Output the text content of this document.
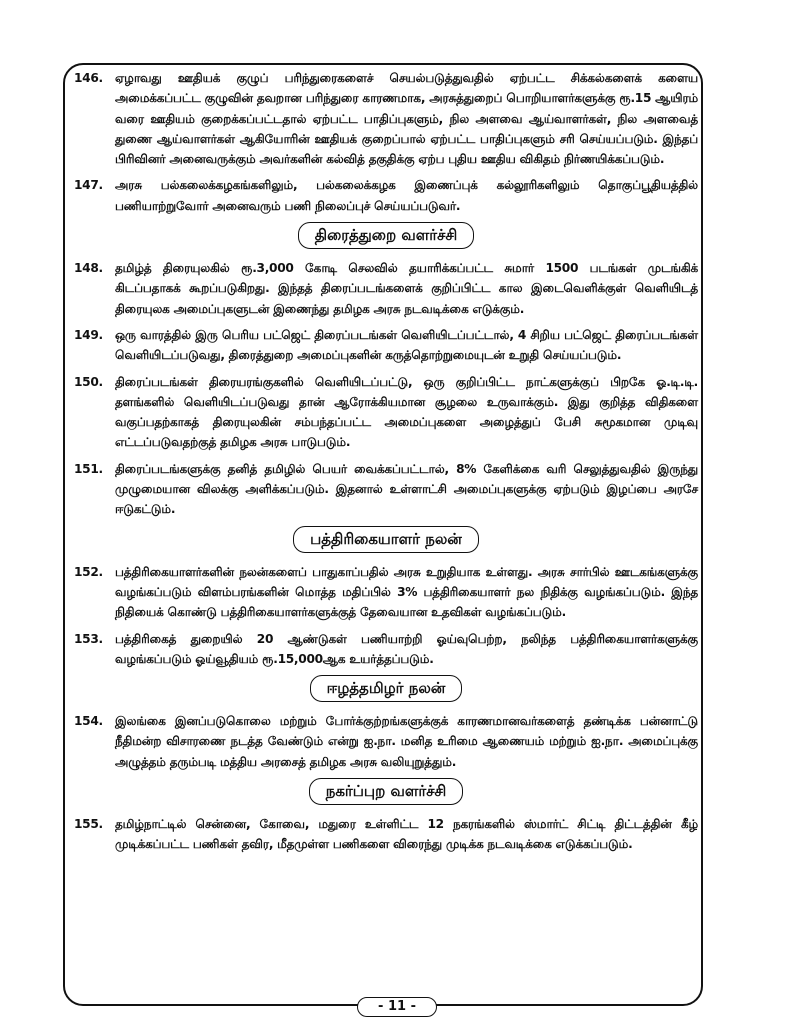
146. ஏழாவது ஊதியக் குழுப் பரிந்துரைகளைச் செயல்படுத்துவதில் ஏற்பட்ட சிக்கல்களைக் களைய அமைக்கப்பட்ட குழுவின் தவறான பரிந்துரை காரணமாக, அரசுத்துறைப் பொறியாளர்களுக்கு ரூ.15 ஆயிரம் வரை ஊதியம் குறைக்கப்பட்டதால் ஏற்பட்ட பாதிப்புகளும், நில அளவை ஆய்வாளர்கள், நில அளவைத் துணை ஆய்வாளர்கள் ஆகியோரின் ஊதியக் குறைப்பால் ஏற்பட்ட பாதிப்புகளும் சரி செய்யப்படும். இந்தப் பிரிவினர் அனைவருக்கும் அவர்களின் கல்வித் தகுதிக்கு ஏற்ப புதிய ஊதிய விகிதம் நிர்ணயிக்கப்படும்.
147. அரசு பல்கலைக்கழகங்களிலும், பல்கலைக்கழக இணைப்புக் கல்லூரிகளிலும் தொகுப்பூதியத்தில் பணியாற்றுவோர் அனைவரும் பணி நிலைப்புச் செய்யப்படுவர்.
திரைத்துறை வளர்ச்சி
148. தமிழ்த் திரையுலகில் ரூ.3,000 கோடி செலவில் தயாரிக்கப்பட்ட சுமார் 1500 படங்கள் முடங்கிக் கிடப்பதாகக் கூறப்படுகிறது. இந்தத் திரைப்படங்களைக் குறிப்பிட்ட கால இடைவெளிக்குள் வெளியிடத் திரையுலக அமைப்புகளுடன் இணைந்து தமிழக அரசு நடவடிக்கை எடுக்கும்.
149. ஒரு வாரத்தில் இரு பெரிய பட்ஜெட் திரைப்படங்கள் வெளியிடப்பட்டால், 4 சிறிய பட்ஜெட் திரைப்படங்கள் வெளியிடப்படுவது, திரைத்துறை அமைப்புகளின் கருத்தொற்றுமையுடன் உறுதி செய்யப்படும்.
150. திரைப்படங்கள் திரையரங்குகளில் வெளியிடப்பட்டு, ஒரு குறிப்பிட்ட நாட்களுக்குப் பிறகே ஓ.டி.டி. தளங்களில் வெளியிடப்படுவது தான் ஆரோக்கியமான சூழலை உருவாக்கும். இது குறித்த விதிகளை வகுப்பதற்காகத் திரையுலகின் சம்பந்தப்பட்ட அமைப்புகளை அழைத்துப் பேசி சுமூகமான முடிவு எட்டப்படுவதற்குத் தமிழக அரசு பாடுபடும்.
151. திரைப்படங்களுக்கு தனித் தமிழில் பெயர் வைக்கப்பட்டால், 8% கேளிக்கை வரி செலுத்துவதில் இருந்து முழுமையான விலக்கு அளிக்கப்படும். இதனால் உள்ளாட்சி அமைப்புகளுக்கு ஏற்படும் இழப்பை அரசே ஈடுகட்டும்.
பத்திரிகையாளர் நலன்
152. பத்திரிகையாளர்களின் நலன்களைப் பாதுகாப்பதில் அரசு உறுதியாக உள்ளது. அரசு சார்பில் ஊடகங்களுக்கு வழங்கப்படும் விளம்பரங்களின் மொத்த மதிப்பில் 3% பத்திரிகையாளர் நல நிதிக்கு வழங்கப்படும். இந்த நிதியைக் கொண்டு பத்திரிகையாளர்களுக்குத் தேவையான உதவிகள் வழங்கப்படும்.
153. பத்திரிகைத் துறையில் 20 ஆண்டுகள் பணியாற்றி ஓய்வுபெற்ற, நலிந்த பத்திரிகையாளர்களுக்கு வழங்கப்படும் ஓய்வூதியம் ரூ.15,000ஆக உயர்த்தப்படும்.
ஈழத்தமிழர் நலன்
154. இலங்கை இனப்படுகொலை மற்றும் போர்க்குற்றங்களுக்குக் காரணமானவர்களைத் தண்டிக்க பன்னாட்டு நீதிமன்ற விசாரணை நடத்த வேண்டும் என்று ஐ.நா. மனித உரிமை ஆணையம் மற்றும் ஐ.நா. அமைப்புக்கு அழுத்தம் தரும்படி மத்திய அரசைத் தமிழக அரசு வலியுறுத்தும்.
நகர்ப்புற வளர்ச்சி
155. தமிழ்நாட்டில் சென்னை, கோவை, மதுரை உள்ளிட்ட 12 நகரங்களில் ஸ்மார்ட் சிட்டி திட்டத்தின் கீழ் முடிக்கப்பட்ட பணிகள் தவிர, மீதமுள்ள பணிகளை விரைந்து முடிக்க நடவடிக்கை எடுக்கப்படும்.
- 11 -
